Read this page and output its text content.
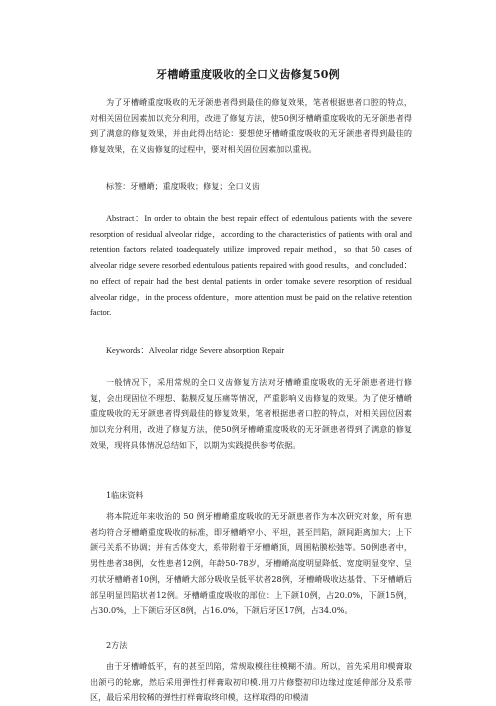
牙槽嵴重度吸收的全口义齿修复50例
为了牙槽嵴重度吸收的无牙颌患者得到最佳的修复效果，笔者根据患者口腔的特点，对相关固位因素加以充分利用，改进了修复方法，使50例牙槽嵴重度吸收的无牙颌患者得到了满意的修复效果，并由此得出结论：要想使牙槽嵴重度吸收的无牙颌患者得到最佳的修复效果，在义齿修复的过程中，要对相关固位因素加以重视。
标签：牙槽嵴；重度吸收；修复；全口义齿
Abstract：In order to obtain the best repair effect of edentulous patients with the severe resorption of residual alveolar ridge，according to the characteristics of patients with oral and retention factors related toadequately utilize improved repair method，so that 50 cases of alveolar ridge severe resorbed edentulous patients repaired with good results，and concluded：no effect of repair had the best dental patients in order tomake severe resorption of residual alveolar ridge，in the process ofdenture，more attention must be paid on the relative retention factor.
Keywords：Alveolar ridge Severe absorption Repair
一般情况下，采用常规的全口义齿修复方法对牙槽嵴重度吸收的无牙颌患者进行修复，会出现固位不理想、黏膜反复压痛等情况，严重影响义齿修复的效果。为了使牙槽嵴重度吸收的无牙颌患者得到最佳的修复效果，笔者根据患者口腔的特点，对相关固位因素加以充分利用，改进了修复方法，使50例牙槽嵴重度吸收的无牙颌患者得到了满意的修复效果，现将具体情况总结如下，以期为实践提供参考依据。
1临床资料
将本院近年来收治的 50 例牙槽嵴重度吸收的无牙颌患者作为本次研究对象，所有患者均符合牙槽嵴重度吸收的标准，即牙槽嵴窄小、平坦，甚至凹陷，颌间距离加大；上下颌弓关系不协调；并有舌体变大，系带附着于牙槽嵴顶，周围粘膜松弛等。50例患者中，男性患者38例，女性患者12例，年龄50-78岁，牙槽嵴高度明显降低、宽度明显变窄、呈刃状牙槽嵴者10例，牙槽嵴大部分吸收呈低平状者28例，牙槽嵴吸收达基骨、下牙槽嵴后部呈明显凹陷状者12例。牙槽嵴重度吸收的部位：上下颌10例，占20.0%，下颌15例，占30.0%，上下颌后牙区8例，占16.0%，下颌后牙区17例，占34.0%。
2方法
由于牙槽嵴低平，有的甚至凹陷，常规取模往往模糊不清。所以，首先采用印模膏取出颌弓的轮廓，然后采用弹性打样膏取初印模.用刀片修整初印边缘过度延伸部分及系带区，最后采用较稀的弹性打样膏取终印模，这样取得的印模清
